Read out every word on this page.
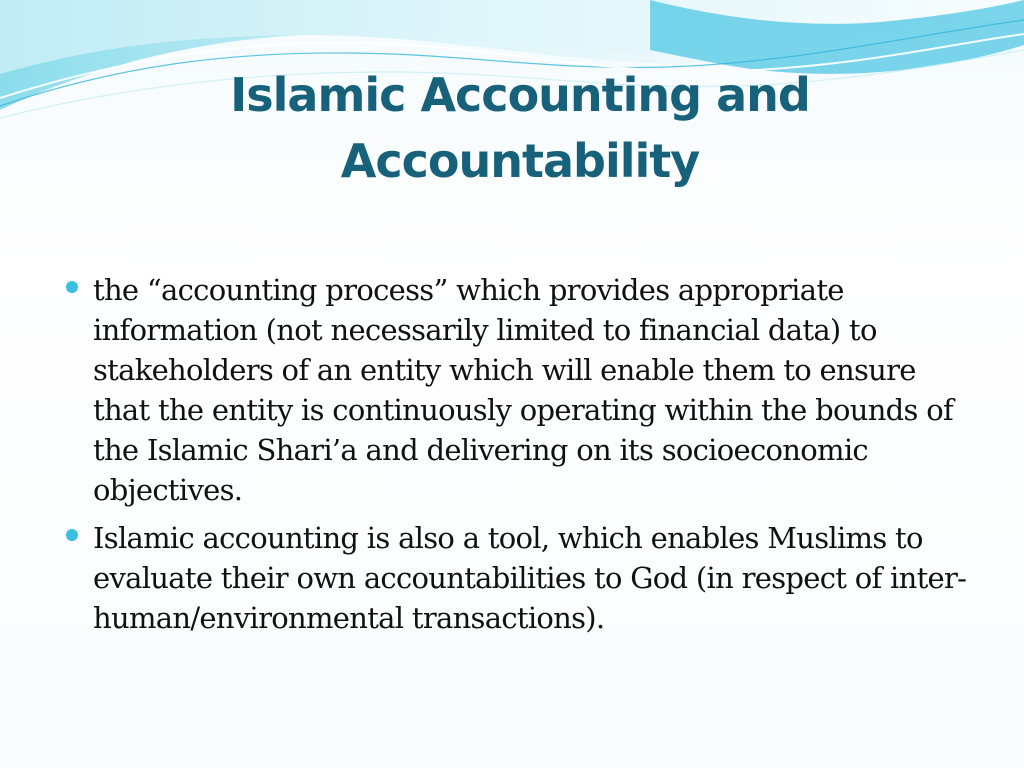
Islamic Accounting and Accountability
the “accounting process” which provides appropriate information (not necessarily limited to financial data) to stakeholders of an entity which will enable them to ensure that the entity is continuously operating within the bounds of the Islamic Shari’a and delivering on its socioeconomic objectives.
Islamic accounting is also a tool, which enables Muslims to evaluate their own accountabilities to God (in respect of inter-human/environmental transactions).
